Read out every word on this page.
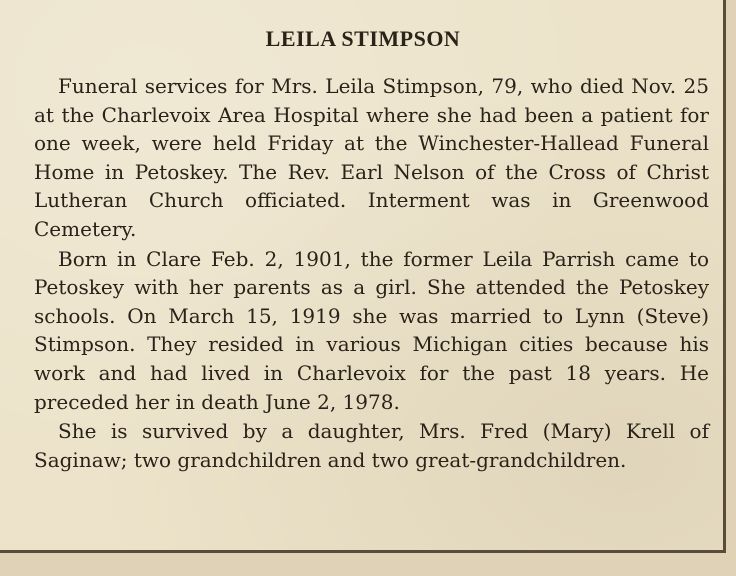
LEILA STIMPSON

Funeral services for Mrs. Leila Stimpson, 79, who died Nov. 25 at the Charlevoix Area Hospital where she had been a patient for one week, were held Friday at the Winchester-Hallead Funeral Home in Petoskey. The Rev. Earl Nelson of the Cross of Christ Lutheran Church officiated. Interment was in Greenwood Cemetery.

Born in Clare Feb. 2, 1901, the former Leila Parrish came to Petoskey with her parents as a girl. She attended the Petoskey schools. On March 15, 1919 she was married to Lynn (Steve) Stimpson. They resided in various Michigan cities because his work and had lived in Charlevoix for the past 18 years. He preceded her in death June 2, 1978.

She is survived by a daughter, Mrs. Fred (Mary) Krell of Saginaw; two grandchildren and two great-grandchildren.
